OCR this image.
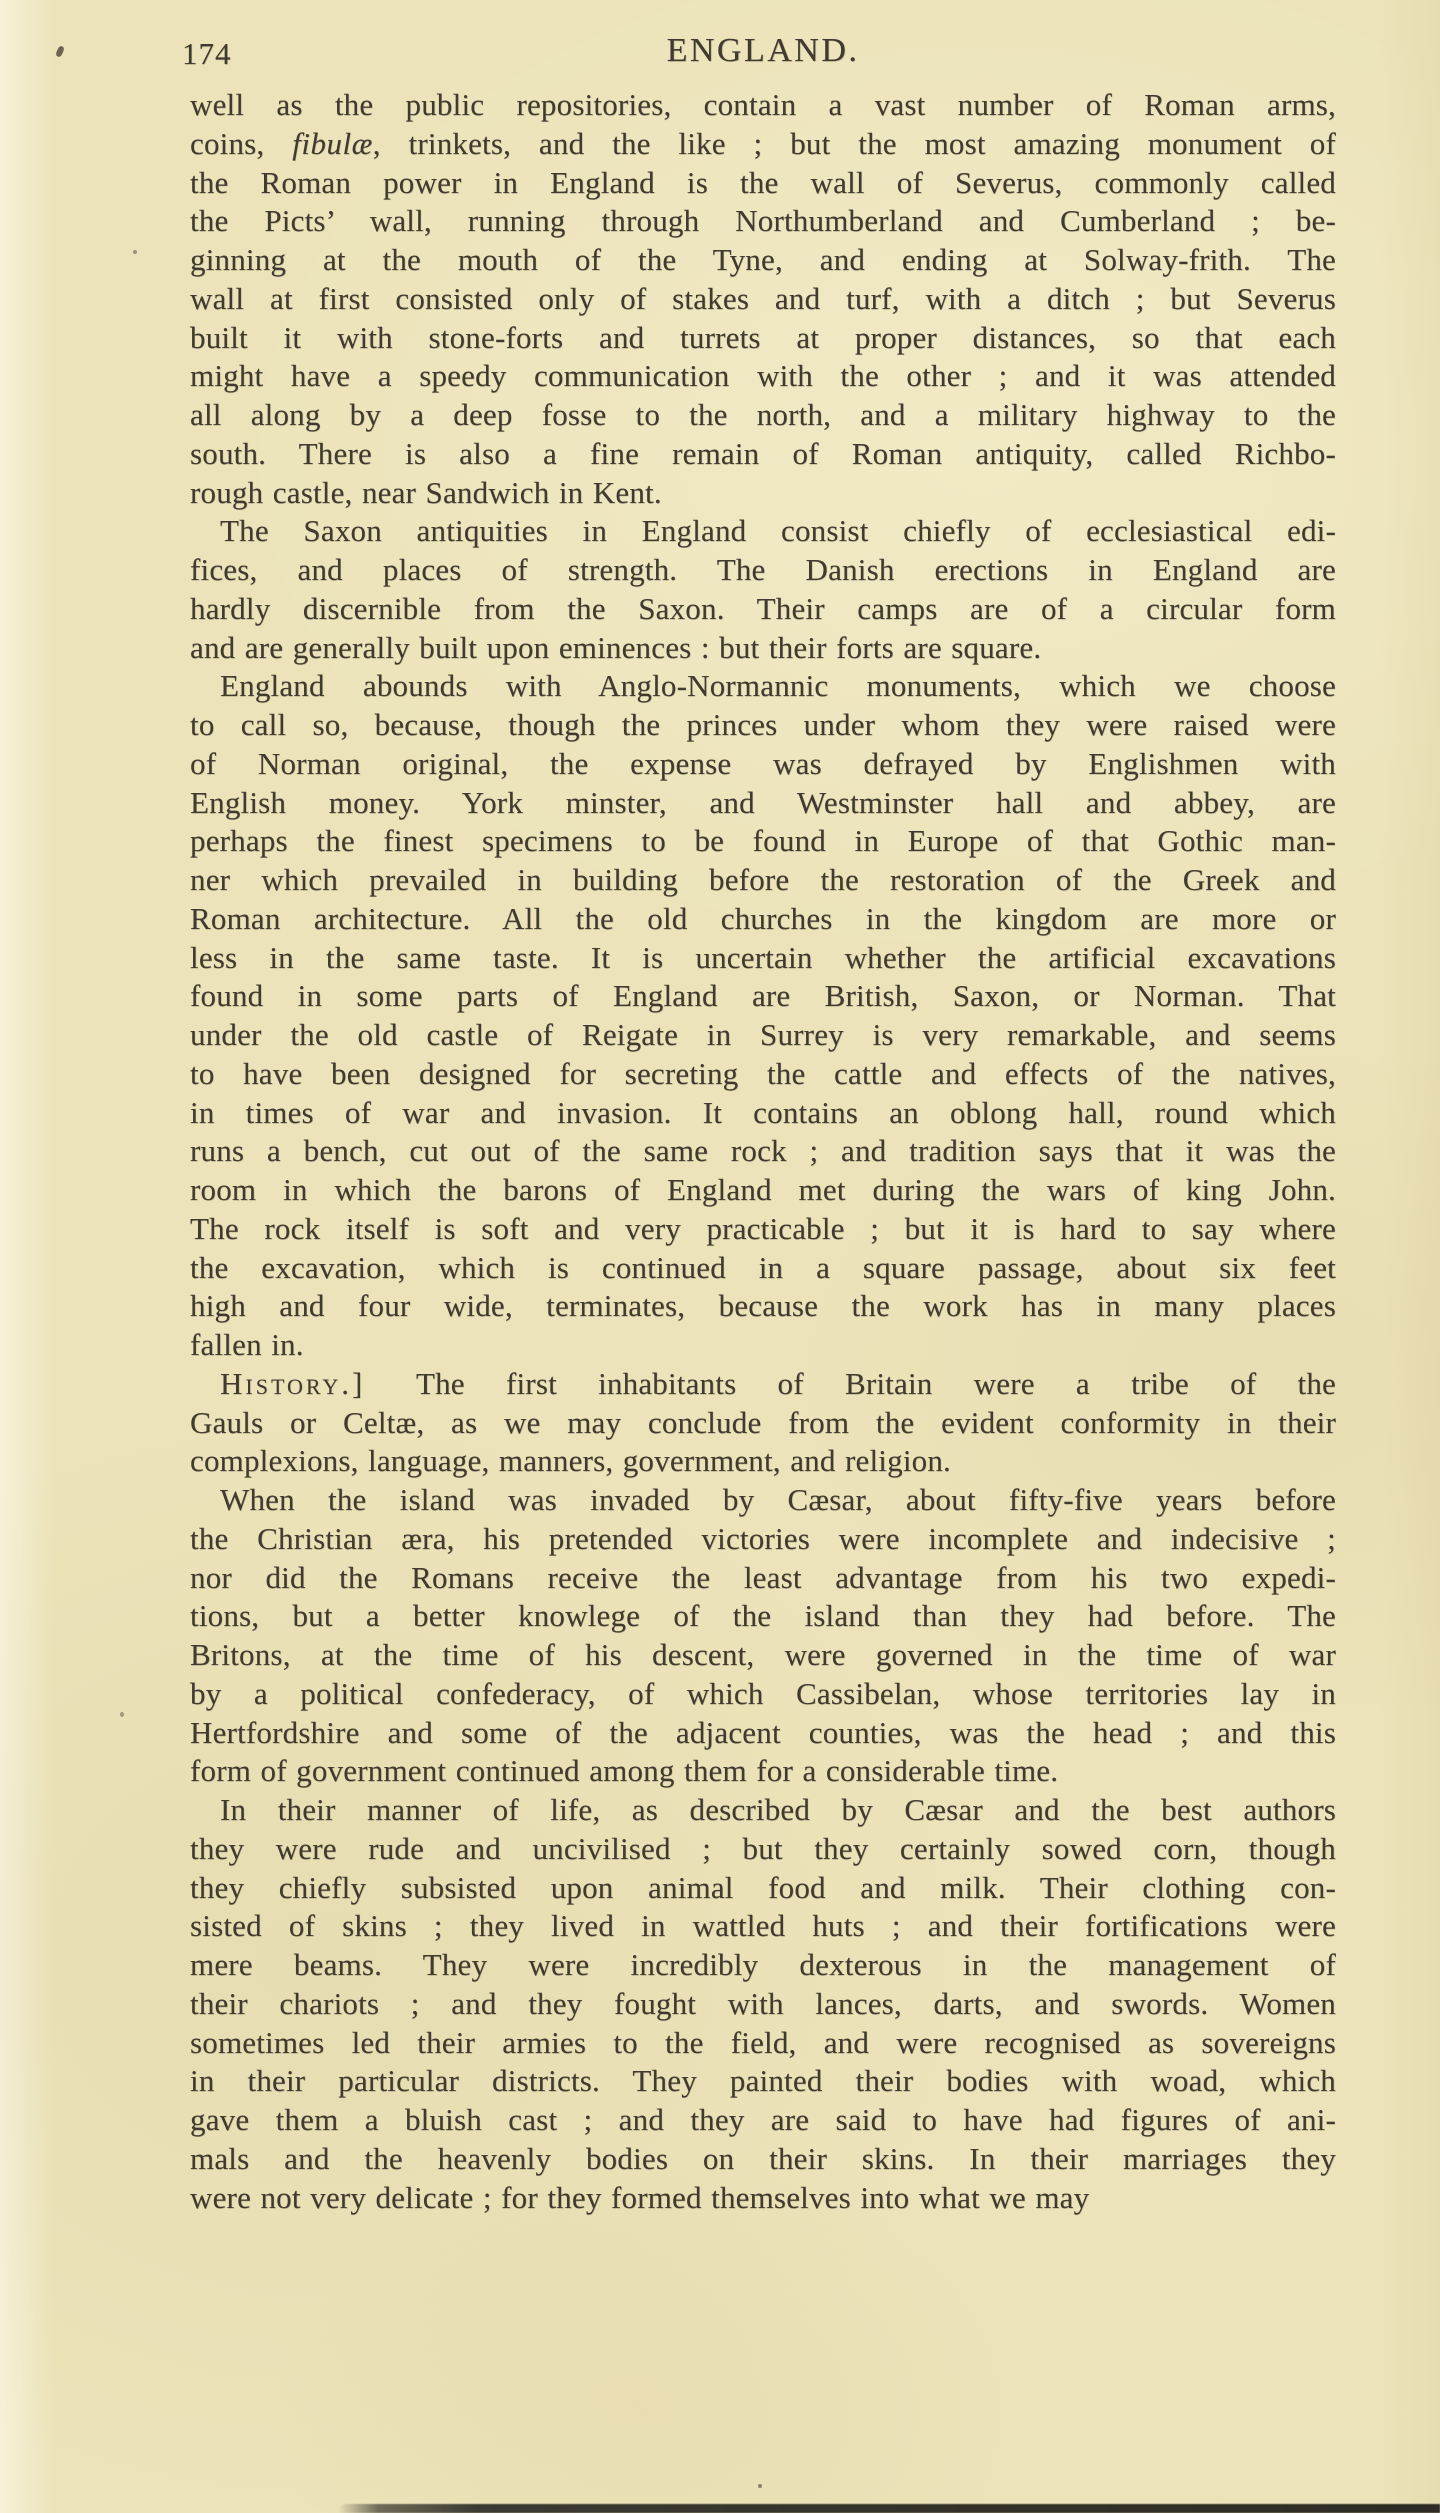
174	ENGLAND.
well as the public repositories, contain a vast number of Roman arms,
coins, fibulæ, trinkets, and the like ; but the most amazing monument of
the Roman power in England is the wall of Severus, commonly called
the Picts’ wall, running through Northumberland and Cumberland ; be-
ginning at the mouth of the Tyne, and ending at Solway-frith. The
wall at first consisted only of stakes and turf, with a ditch ; but Severus
built it with stone-forts and turrets at proper distances, so that each
might have a speedy communication with the other ; and it was attended
all along by a deep fosse to the north, and a military highway to the
south. There is also a fine remain of Roman antiquity, called Richbo-
rough castle, near Sandwich in Kent.
The Saxon antiquities in England consist chiefly of ecclesiastical edi-
fices, and places of strength. The Danish erections in England are
hardly discernible from the Saxon. Their camps are of a circular form
and are generally built upon eminences : but their forts are square.
England abounds with Anglo-Normannic monuments, which we choose
to call so, because, though the princes under whom they were raised were
of Norman original, the expense was defrayed by Englishmen with
English money. York minster, and Westminster hall and abbey, are
perhaps the finest specimens to be found in Europe of that Gothic man-
ner which prevailed in building before the restoration of the Greek and
Roman architecture. All the old churches in the kingdom are more or
less in the same taste. It is uncertain whether the artificial excavations
found in some parts of England are British, Saxon, or Norman. That
under the old castle of Reigate in Surrey is very remarkable, and seems
to have been designed for secreting the cattle and effects of the natives,
in times of war and invasion. It contains an oblong hall, round which
runs a bench, cut out of the same rock ; and tradition says that it was the
room in which the barons of England met during the wars of king John.
The rock itself is soft and very practicable ; but it is hard to say where
the excavation, which is continued in a square passage, about six feet
high and four wide, terminates, because the work has in many places
fallen in.
History.] The first inhabitants of Britain were a tribe of the
Gauls or Celtæ, as we may conclude from the evident conformity in their
complexions, language, manners, government, and religion.
When the island was invaded by Cæsar, about fifty-five years before
the Christian æra, his pretended victories were incomplete and indecisive ;
nor did the Romans receive the least advantage from his two expedi-
tions, but a better knowlege of the island than they had before. The
Britons, at the time of his descent, were governed in the time of war
by a political confederacy, of which Cassibelan, whose territories lay in
Hertfordshire and some of the adjacent counties, was the head ; and this
form of government continued among them for a considerable time.
In their manner of life, as described by Cæsar and the best authors
they were rude and uncivilised ; but they certainly sowed corn, though
they chiefly subsisted upon animal food and milk. Their clothing con-
sisted of skins ; they lived in wattled huts ; and their fortifications were
mere beams. They were incredibly dexterous in the management of
their chariots ; and they fought with lances, darts, and swords. Women
sometimes led their armies to the field, and were recognised as sovereigns
in their particular districts. They painted their bodies with woad, which
gave them a bluish cast ; and they are said to have had figures of ani-
mals and the heavenly bodies on their skins. In their marriages they
were not very delicate ; for they formed themselves into what we may
